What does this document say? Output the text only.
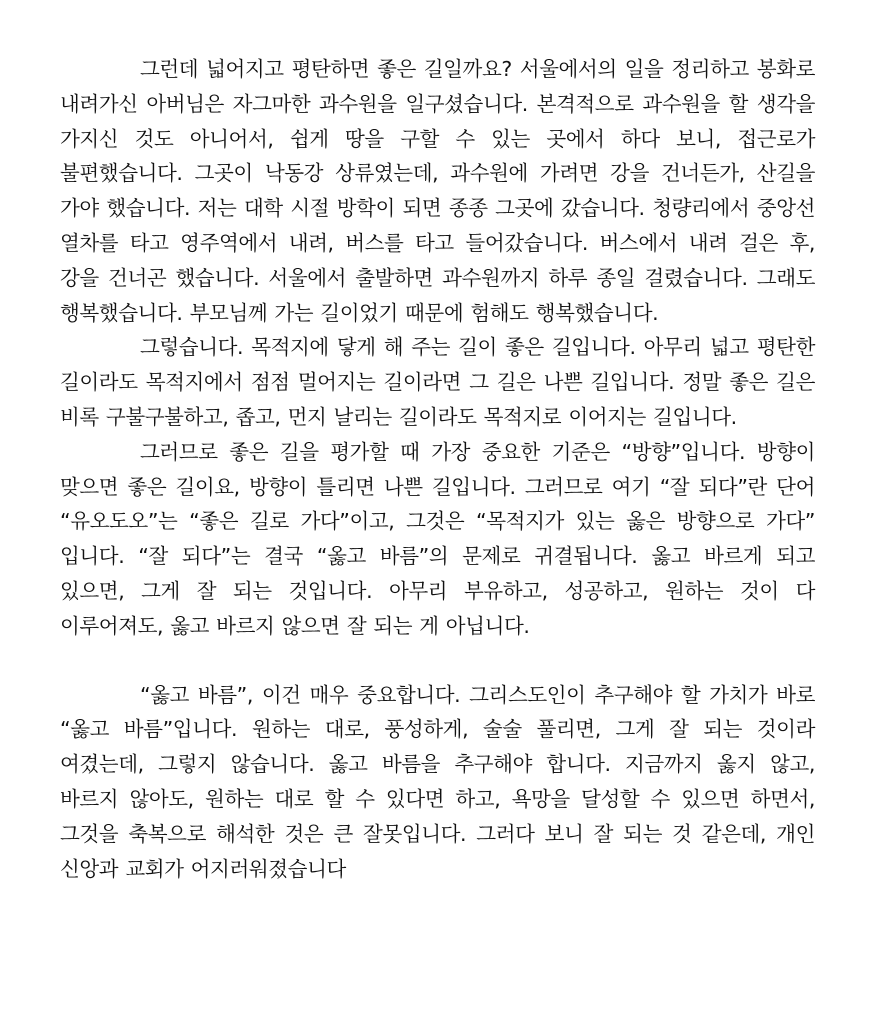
그런데 넓어지고 평탄하면 좋은 길일까요? 서울에서의 일을 정리하고 봉화로 내려가신 아버님은 자그마한 과수원을 일구셨습니다. 본격적으로 과수원을 할 생각을 가지신 것도 아니어서, 쉽게 땅을 구할 수 있는 곳에서 하다 보니, 접근로가 불편했습니다. 그곳이 낙동강 상류였는데, 과수원에 가려면 강을 건너든가, 산길을 가야 했습니다. 저는 대학 시절 방학이 되면 종종 그곳에 갔습니다. 청량리에서 중앙선 열차를 타고 영주역에서 내려, 버스를 타고 들어갔습니다. 버스에서 내려 걸은 후, 강을 건너곤 했습니다. 서울에서 출발하면 과수원까지 하루 종일 걸렸습니다. 그래도 행복했습니다. 부모님께 가는 길이었기 때문에 험해도 행복했습니다.

그렇습니다. 목적지에 닿게 해 주는 길이 좋은 길입니다. 아무리 넓고 평탄한 길이라도 목적지에서 점점 멀어지는 길이라면 그 길은 나쁜 길입니다. 정말 좋은 길은 비록 구불구불하고, 좁고, 먼지 날리는 길이라도 목적지로 이어지는 길입니다.

그러므로 좋은 길을 평가할 때 가장 중요한 기준은 “방향”입니다. 방향이 맞으면 좋은 길이요, 방향이 틀리면 나쁜 길입니다. 그러므로 여기 “잘 되다”란 단어 “유오도오”는 “좋은 길로 가다”이고, 그것은 “목적지가 있는 옳은 방향으로 가다” 입니다. “잘 되다”는 결국 “옳고 바름”의 문제로 귀결됩니다. 옳고 바르게 되고 있으면, 그게 잘 되는 것입니다. 아무리 부유하고, 성공하고, 원하는 것이 다 이루어져도, 옳고 바르지 않으면 잘 되는 게 아닙니다.

“옳고 바름”, 이건 매우 중요합니다. 그리스도인이 추구해야 할 가치가 바로 “옳고 바름”입니다. 원하는 대로, 풍성하게, 술술 풀리면, 그게 잘 되는 것이라 여겼는데, 그렇지 않습니다. 옳고 바름을 추구해야 합니다. 지금까지 옳지 않고, 바르지 않아도, 원하는 대로 할 수 있다면 하고, 욕망을 달성할 수 있으면 하면서, 그것을 축복으로 해석한 것은 큰 잘못입니다. 그러다 보니 잘 되는 것 같은데, 개인 신앙과 교회가 어지러워졌습니다
